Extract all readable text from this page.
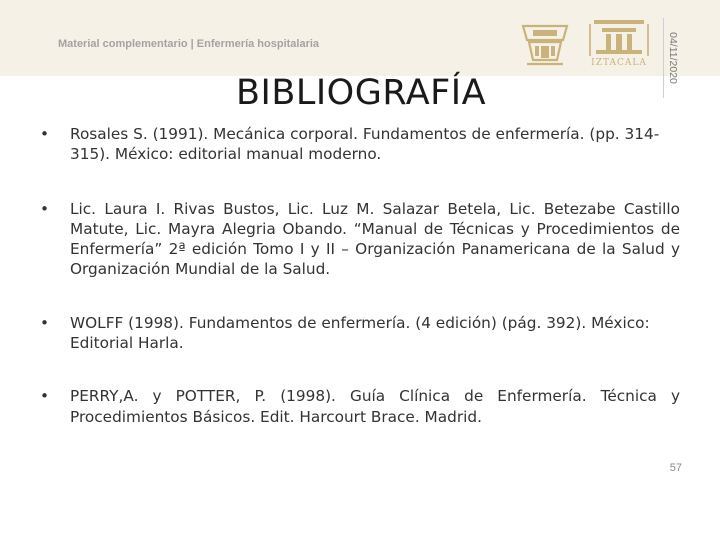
Material complementario | Enfermería hospitalaria
IZTACALA	04/11/2020
BIBLIOGRAFÍA
• Rosales S. (1991). Mecánica corporal. Fundamentos de enfermería. (pp. 314-315). México: editorial manual moderno.
• Lic. Laura I. Rivas Bustos, Lic. Luz M. Salazar Betela, Lic. Betezabe Castillo Matute, Lic. Mayra Alegria Obando. “Manual de Técnicas y Procedimientos de Enfermería” 2ª edición Tomo I y II – Organización Panamericana de la Salud y Organización Mundial de la Salud.
• WOLFF (1998). Fundamentos de enfermería. (4 edición) (pág. 392). México: Editorial Harla.
• PERRY,A. y POTTER, P. (1998). Guía Clínica de Enfermería. Técnica y Procedimientos Básicos. Edit. Harcourt Brace. Madrid.
57
